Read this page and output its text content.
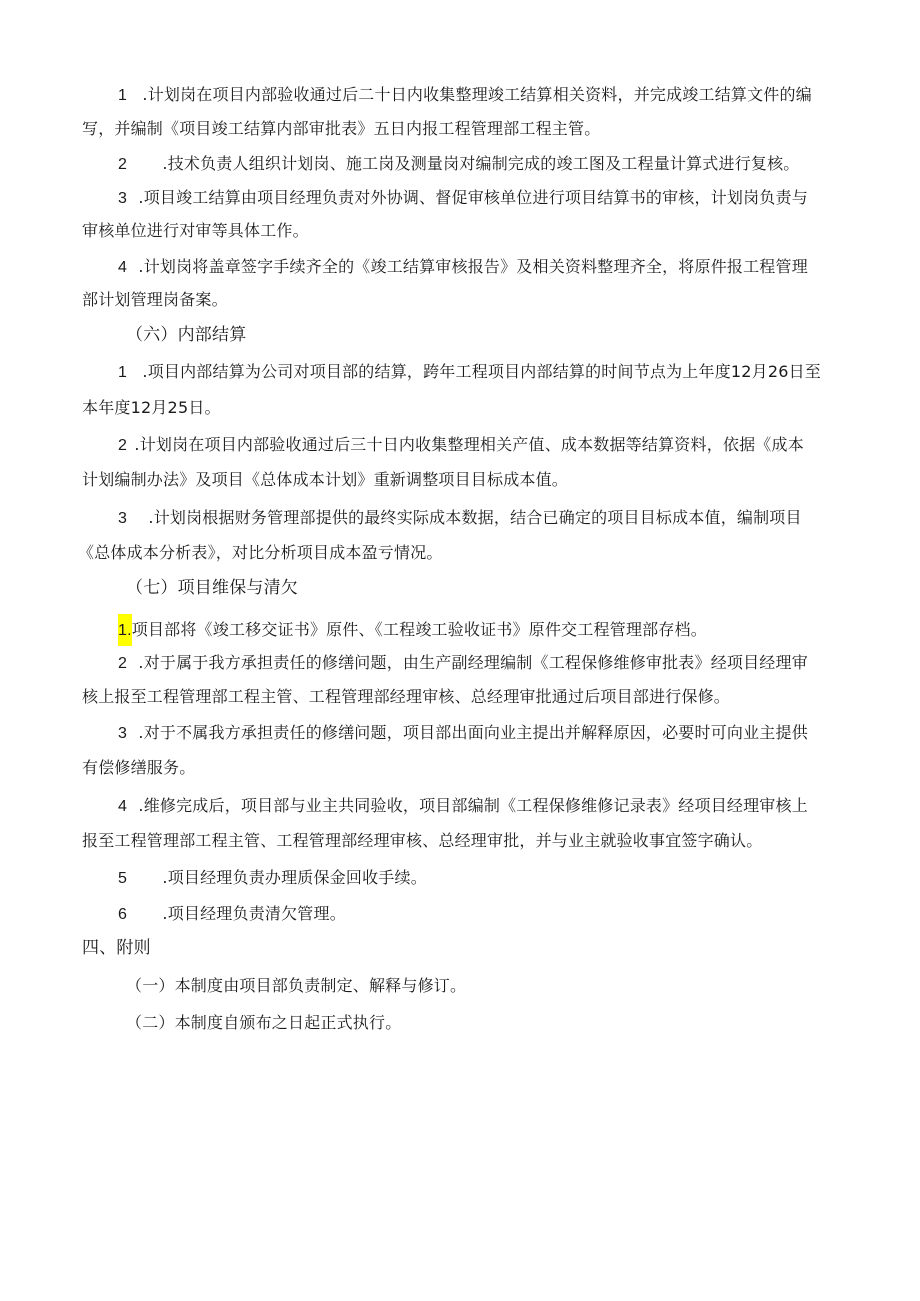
1 .计划岗在项目内部验收通过后二十日内收集整理竣工结算相关资料，并完成竣工结算文件的编
写，并编制《项目竣工结算内部审批表》五日内报工程管理部工程主管。
2 .技术负责人组织计划岗、施工岗及测量岗对编制完成的竣工图及工程量计算式进行复核。
3 .项目竣工结算由项目经理负责对外协调、督促审核单位进行项目结算书的审核，计划岗负责与
审核单位进行对审等具体工作。
4 .计划岗将盖章签字手续齐全的《竣工结算审核报告》及相关资料整理齐全，将原件报工程管理
部计划管理岗备案。
（六）内部结算
1 .项目内部结算为公司对项目部的结算，跨年工程项目内部结算的时间节点为上年度12月26日至
本年度12月25日。
2 .计划岗在项目内部验收通过后三十日内收集整理相关产值、成本数据等结算资料，依据《成本
计划编制办法》及项目《总体成本计划》重新调整项目目标成本值。
3 .计划岗根据财务管理部提供的最终实际成本数据，结合已确定的项目目标成本值，编制项目
《总体成本分析表》，对比分析项目成本盈亏情况。
（七）项目维保与清欠
1.项目部将《竣工移交证书》原件、《工程竣工验收证书》原件交工程管理部存档。
2 .对于属于我方承担责任的修缮问题，由生产副经理编制《工程保修维修审批表》经项目经理审
核上报至工程管理部工程主管、工程管理部经理审核、总经理审批通过后项目部进行保修。
3 .对于不属我方承担责任的修缮问题，项目部出面向业主提出并解释原因，必要时可向业主提供
有偿修缮服务。
4 .维修完成后，项目部与业主共同验收，项目部编制《工程保修维修记录表》经项目经理审核上
报至工程管理部工程主管、工程管理部经理审核、总经理审批，并与业主就验收事宜签字确认。
5 .项目经理负责办理质保金回收手续。
6 .项目经理负责清欠管理。
四、附则
（一）本制度由项目部负责制定、解释与修订。
（二）本制度自颁布之日起正式执行。
